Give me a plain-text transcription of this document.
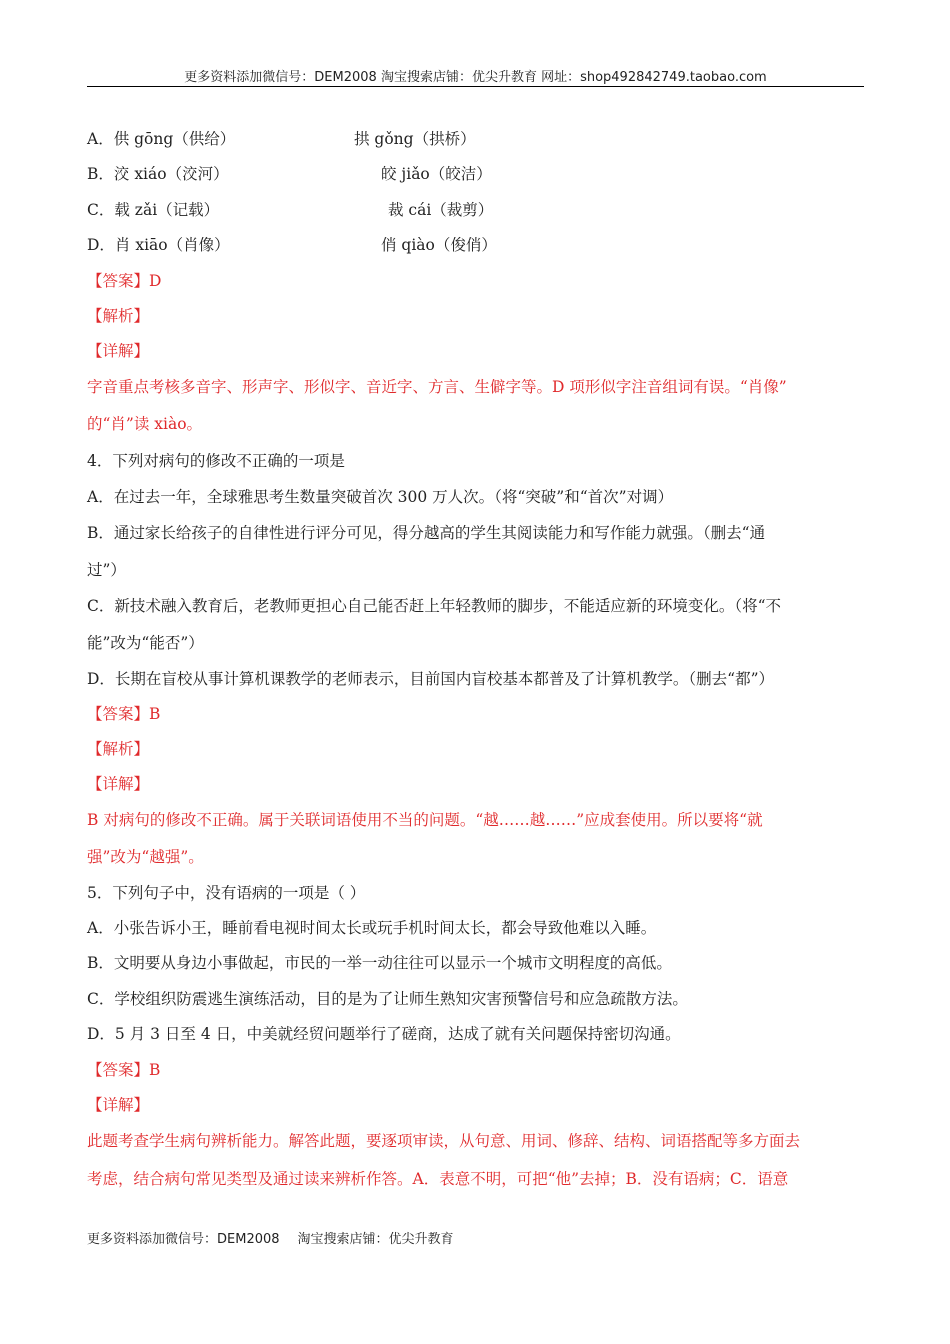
更多资料添加微信号：DEM2008 淘宝搜索店铺：优尖升教育 网址：shop492842749.taobao.com
A．供 gōng（供给）	拱 gǒng（拱桥）
B．洨 xiáo（洨河）	皎 jiǎo（皎洁）
C．载 zǎi（记载）	裁 cái（裁剪）
D．肖 xiāo（肖像）	俏 qiào（俊俏）
【答案】D
【解析】
【详解】
字音重点考核多音字、形声字、形似字、音近字、方言、生僻字等。D 项形似字注音组词有误。“肖像”
的“肖”读 xiào。
4．下列对病句的修改不正确的一项是
A．在过去一年，全球雅思考生数量突破首次 300 万人次。（将“突破”和“首次”对调）
B．通过家长给孩子的自律性进行评分可见，得分越高的学生其阅读能力和写作能力就强。（删去“通
过”）
C．新技术融入教育后，老教师更担心自己能否赶上年轻教师的脚步，不能适应新的环境变化。（将“不
能”改为“能否”）
D．长期在盲校从事计算机课教学的老师表示，目前国内盲校基本都普及了计算机教学。（删去“都”）
【答案】B
【解析】
【详解】
B 对病句的修改不正确。属于关联词语使用不当的问题。“越……越……”应成套使用。所以要将“就
强”改为“越强”。
5．下列句子中，没有语病的一项是（ ）
A．小张告诉小王，睡前看电视时间太长或玩手机时间太长，都会导致他难以入睡。
B．文明要从身边小事做起，市民的一举一动往往可以显示一个城市文明程度的高低。
C．学校组织防震逃生演练活动，目的是为了让师生熟知灾害预警信号和应急疏散方法。
D．5 月 3 日至 4 日，中美就经贸问题举行了磋商，达成了就有关问题保持密切沟通。
【答案】B
【详解】
此题考查学生病句辨析能力。解答此题，要逐项审读，从句意、用词、修辞、结构、词语搭配等多方面去
考虑，结合病句常见类型及通过读来辨析作答。A．表意不明，可把“他”去掉；B．没有语病；C．语意
更多资料添加微信号：DEM2008 淘宝搜索店铺：优尖升教育
